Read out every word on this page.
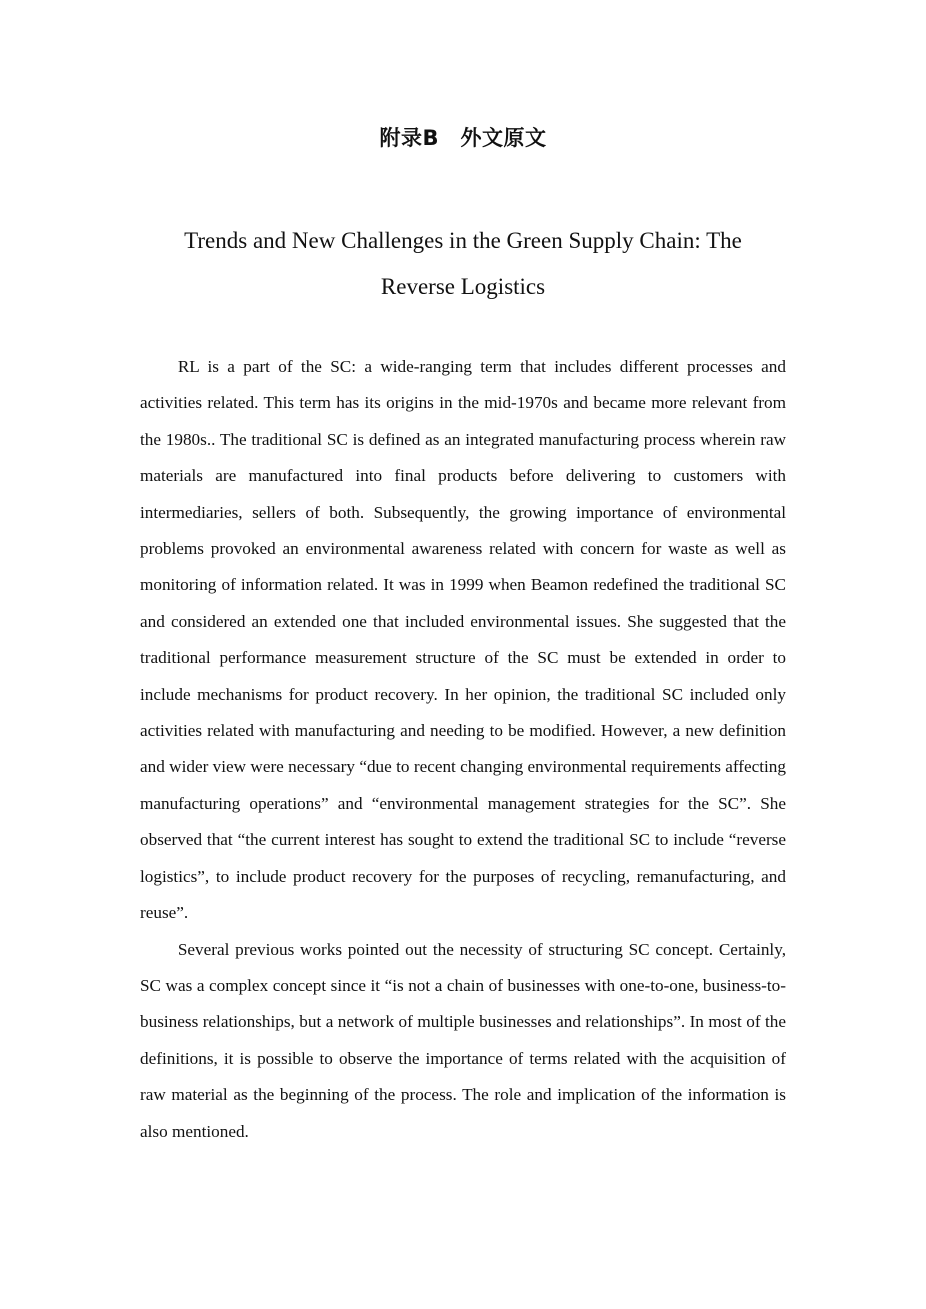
附录B　外文原文
Trends and New Challenges in the Green Supply Chain: The
Reverse Logistics

RL is a part of the SC: a wide-ranging term that includes different processes and activities related. This term has its origins in the mid-1970s and became more relevant from the 1980s.. The traditional SC is defined as an integrated manufacturing process wherein raw materials are manufactured into final products before delivering to customers with intermediaries, sellers of both. Subsequently, the growing importance of environmental problems provoked an environmental awareness related with concern for waste as well as monitoring of information related. It was in 1999 when Beamon redefined the traditional SC and considered an extended one that included environmental issues. She suggested that the traditional performance measurement structure of the SC must be extended in order to include mechanisms for product recovery. In her opinion, the traditional SC included only activities related with manufacturing and needing to be modified. However, a new definition and wider view were necessary “due to recent changing environmental requirements affecting manufacturing operations” and “environmental management strategies for the SC”. She observed that “the current interest has sought to extend the traditional SC to include “reverse logistics”, to include product recovery for the purposes of recycling, remanufacturing, and reuse”.

Several previous works pointed out the necessity of structuring SC concept. Certainly, SC was a complex concept since it “is not a chain of businesses with one-to-one, business-to-business relationships, but a network of multiple businesses and relationships”. In most of the definitions, it is possible to observe the importance of terms related with the acquisition of raw material as the beginning of the process. The role and implication of the information is also mentioned.
